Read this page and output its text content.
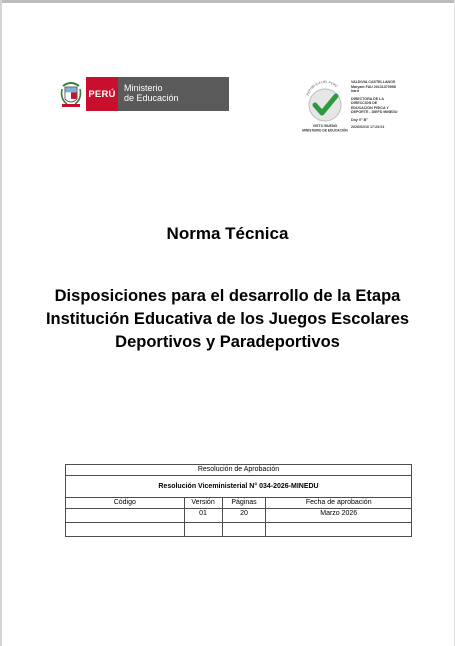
PERÚ
Ministerio
de Educación	REPÚBLICA DEL PERÚ
VISTO BUENO
MINISTERIO DE EDUCACIÓN
VALDIVIA CASTELLANOS
Maryam FAU 20131370998
hard
DIRECTORA DE LA
DIRECCION DE
EDUCACION FISICA Y
DEPORTE - DIEFD MINEDU
Doy V° B°
2026/02/10 17:23:01
Norma Técnica
Disposiciones para el desarrollo de la Etapa Institución Educativa de los Juegos Escolares Deportivos y Paradeportivos
Resolución de Aprobación			
Resolución Viceministerial N° 034-2026-MINEDU			
Código	Versión	Páginas	Fecha de aprobación
	01	20	Marzo 2026
